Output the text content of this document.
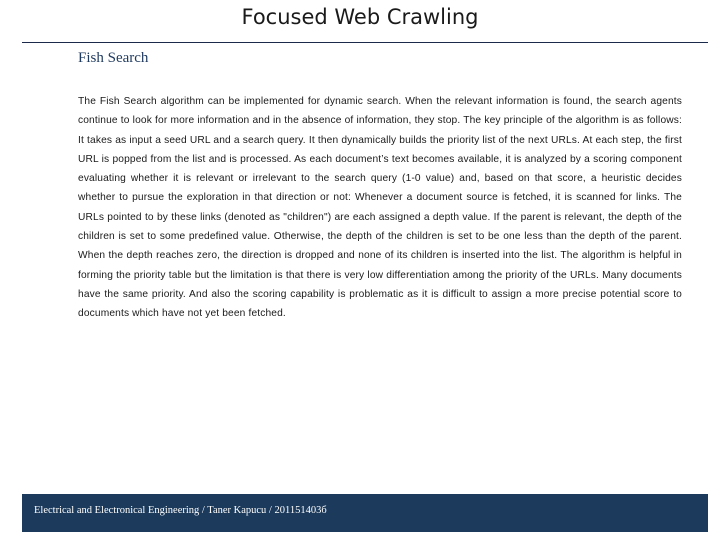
Focused Web Crawling
Fish Search

The Fish Search algorithm can be implemented for dynamic search. When the relevant information is found, the search agents continue to look for more information and in the absence of information, they stop. The key principle of the algorithm is as follows: It takes as input a seed URL and a search query. It then dynamically builds the priority list of the next URLs. At each step, the first URL is popped from the list and is processed. As each document’s text becomes available, it is analyzed by a scoring component evaluating whether it is relevant or irrelevant to the search query (1-0 value) and, based on that score, a heuristic decides whether to pursue the exploration in that direction or not: Whenever a document source is fetched, it is scanned for links. The URLs pointed to by these links (denoted as "children") are each assigned a depth value. If the parent is relevant, the depth of the children is set to some predefined value. Otherwise, the depth of the children is set to be one less than the depth of the parent. When the depth reaches zero, the direction is dropped and none of its children is inserted into the list. The algorithm is helpful in forming the priority table but the limitation is that there is very low differentiation among the priority of the URLs. Many documents have the same priority. And also the scoring capability is problematic as it is difficult to assign a more precise potential score to documents which have not yet been fetched.

Electrical and Electronical Engineering / Taner Kapucu / 201151403б
